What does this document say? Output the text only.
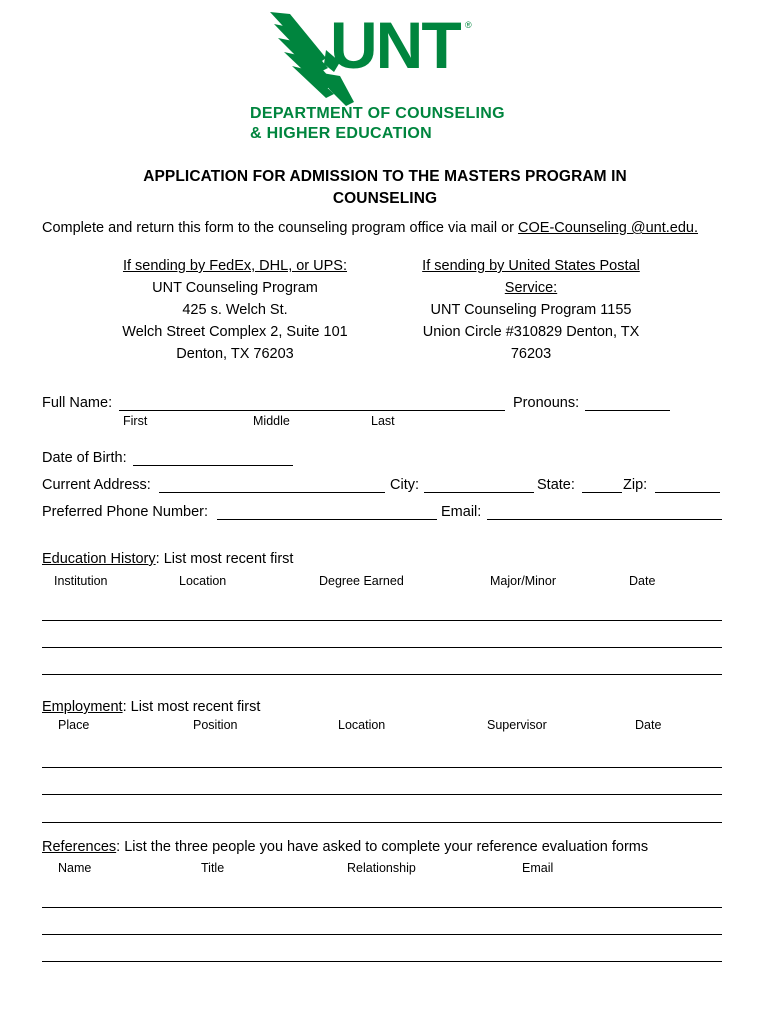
UNT ®
DEPARTMENT OF COUNSELING
& HIGHER EDUCATION
APPLICATION FOR ADMISSION TO THE MASTERS PROGRAM IN
COUNSELING
Complete and return this form to the counseling program office via mail or COE-Counseling @unt.edu.
If sending by FedEx, DHL, or UPS:
UNT Counseling Program
425 s. Welch St.
Welch Street Complex 2, Suite 101
Denton, TX 76203
If sending by United States Postal
Service:
UNT Counseling Program 1155
Union Circle #310829 Denton, TX
76203
Full Name:	Pronouns:
First	Middle	Last
Date of Birth:
Current Address:	City:	State:	Zip:
Preferred Phone Number:	Email:
Education History: List most recent first
Institution	Location	Degree Earned	Major/Minor	Date
Employment: List most recent first
Place	Position	Location	Supervisor	Date
References: List the three people you have asked to complete your reference evaluation forms
Name	Title	Relationship	Email
